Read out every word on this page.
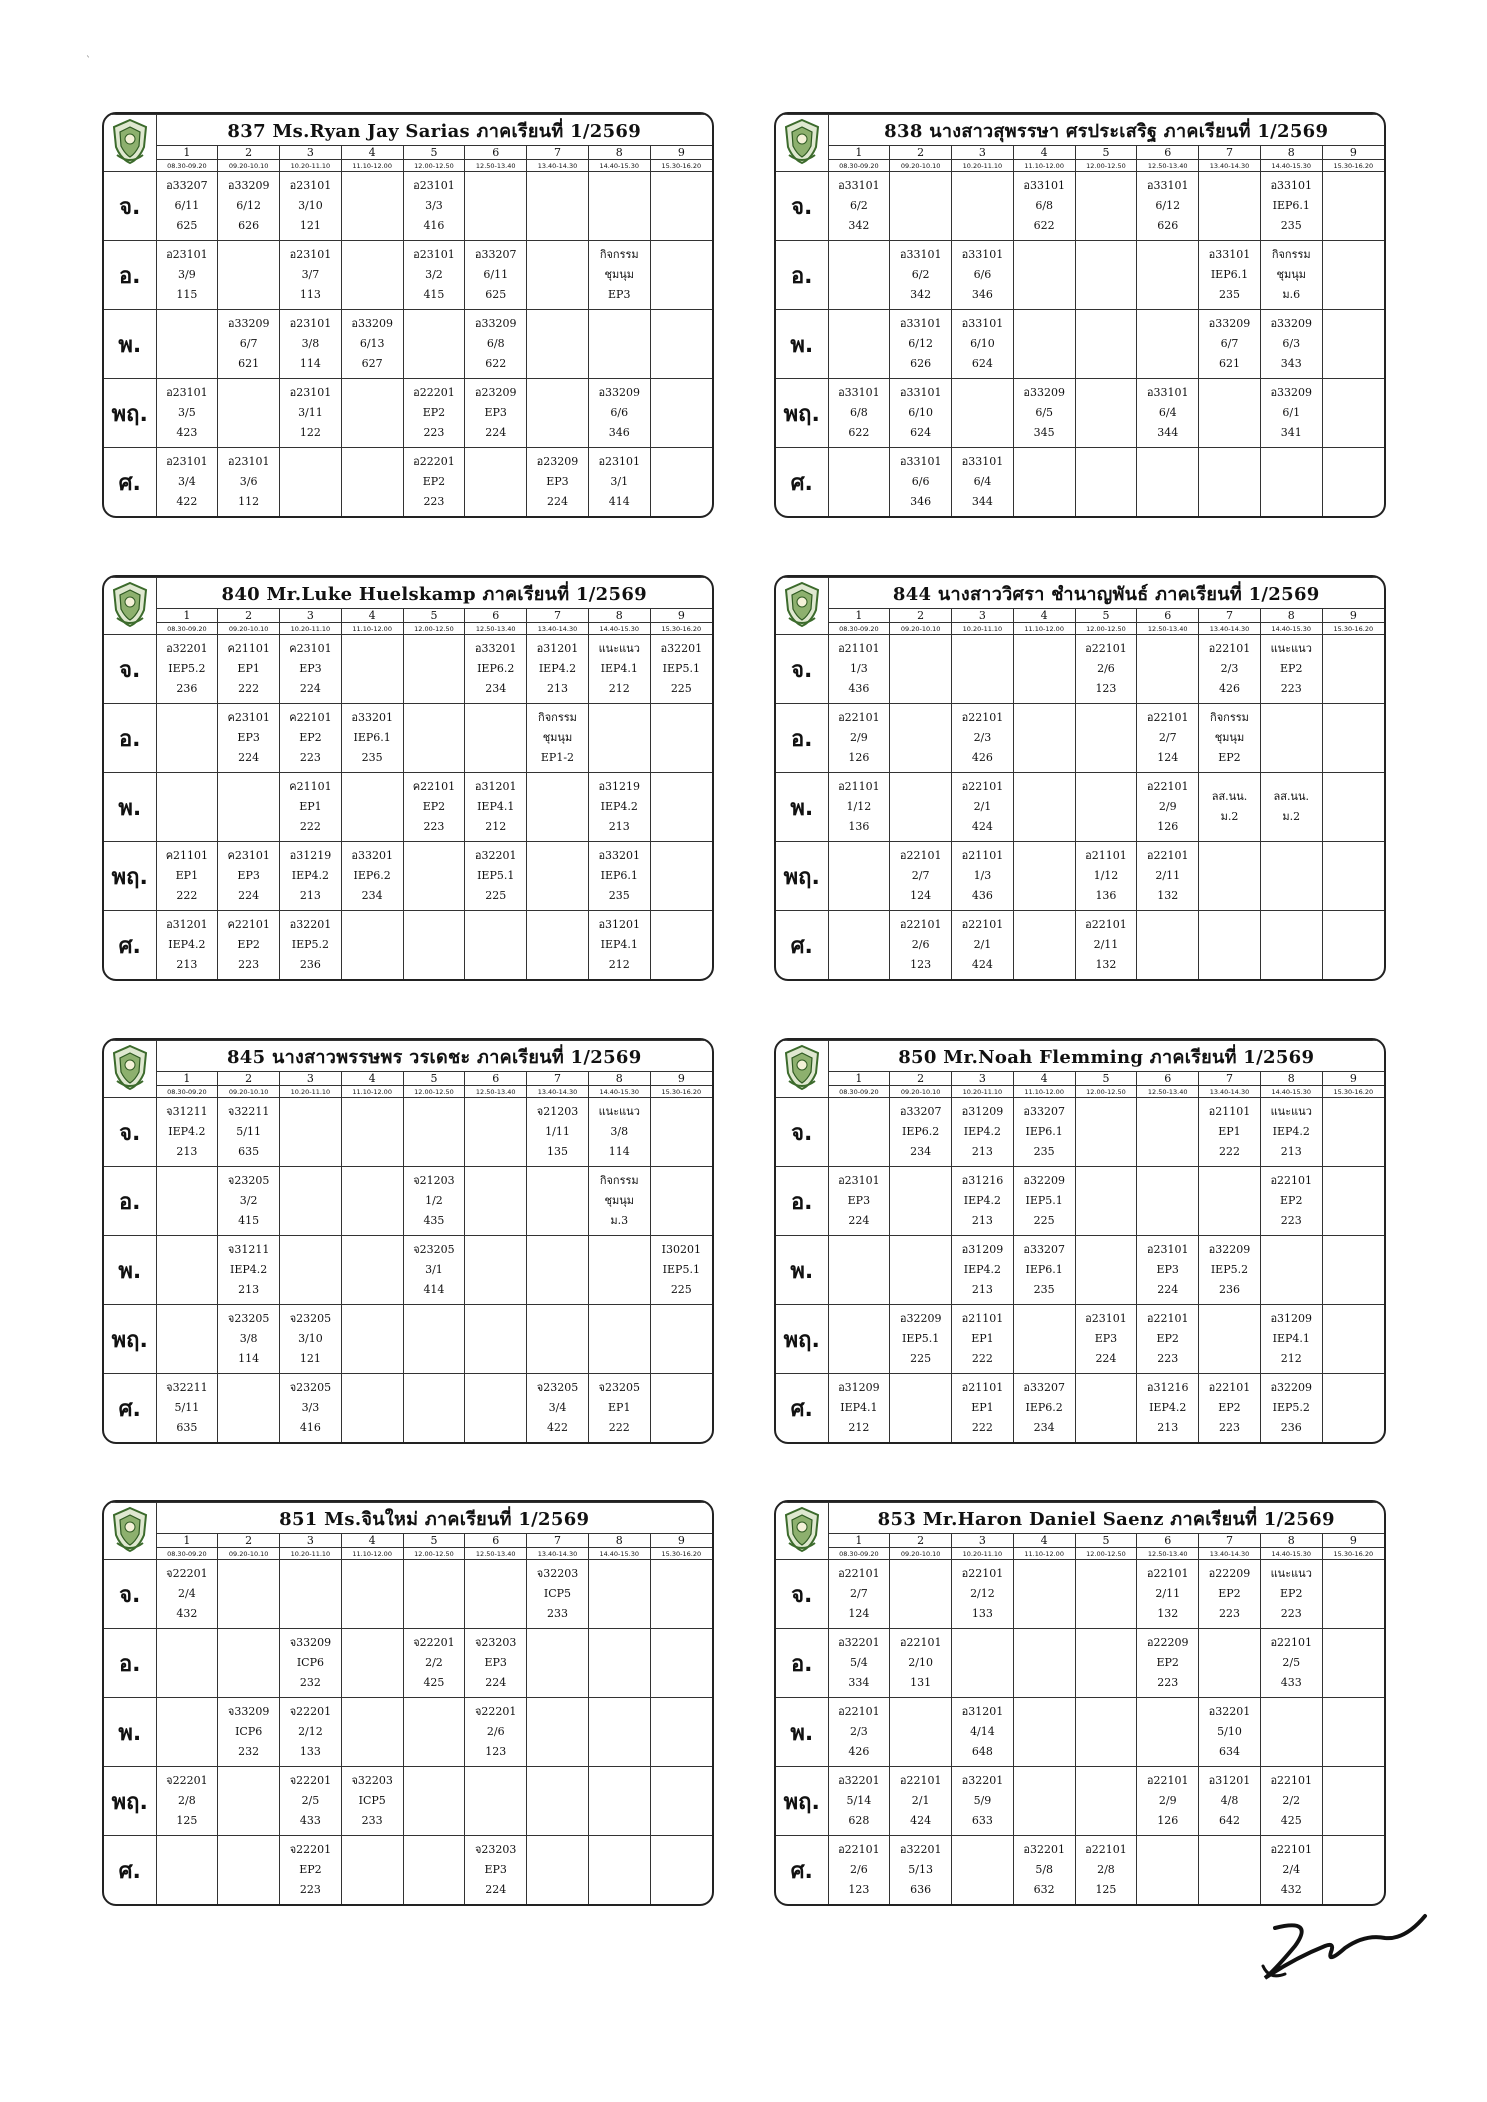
`
	837 Ms.Ryan Jay Sarias ภาคเรียนที่ 1/2569								
	1	2	3	4	5	6	7	8	9
	08.30-09.20	09.20-10.10	10.20-11.10	11.10-12.00	12.00-12.50	12.50-13.40	13.40-14.30	14.40-15.30	15.30-16.20
จ.	อ33207
6/11
625	อ33209
6/12
626	อ23101
3/10
121		อ23101
3/3
416				

อ.	อ23101
3/9
115		อ23101
3/7
113		อ23101
3/2
415	อ33207
6/11
625		กิจกรรม
ชุมนุม
EP3	

พ.		อ33209
6/7
621	อ23101
3/8
114	อ33209
6/13
627		อ33209
6/8
622			

พฤ.	อ23101
3/5
423		อ23101
3/11
122		อ22201
EP2
223	อ23209
EP3
224		อ33209
6/6
346	

ศ.	อ23101
3/4
422	อ23101
3/6
112			อ22201
EP2
223		อ23209
EP3
224	อ23101
3/1
414	

	838 นางสาวสุพรรษา ศรประเสริฐ ภาคเรียนที่ 1/2569								
	1	2	3	4	5	6	7	8	9
	08.30-09.20	09.20-10.10	10.20-11.10	11.10-12.00	12.00-12.50	12.50-13.40	13.40-14.30	14.40-15.30	15.30-16.20
จ.	อ33101
6/2
342			อ33101
6/8
622		อ33101
6/12
626		อ33101
IEP6.1
235	

อ.		อ33101
6/2
342	อ33101
6/6
346				อ33101
IEP6.1
235	กิจกรรม
ชุมนุม
ม.6	

พ.		อ33101
6/12
626	อ33101
6/10
624				อ33209
6/7
621	อ33209
6/3
343	

พฤ.	อ33101
6/8
622	อ33101
6/10
624		อ33209
6/5
345		อ33101
6/4
344		อ33209
6/1
341	

ศ.		อ33101
6/6
346	อ33101
6/4
344						

	840 Mr.Luke Huelskamp ภาคเรียนที่ 1/2569								
	1	2	3	4	5	6	7	8	9
	08.30-09.20	09.20-10.10	10.20-11.10	11.10-12.00	12.00-12.50	12.50-13.40	13.40-14.30	14.40-15.30	15.30-16.20
จ.	อ32201
IEP5.2
236	ค21101
EP1
222	ค23101
EP3
224			อ33201
IEP6.2
234	อ31201
IEP4.2
213	แนะแนว
IEP4.1
212	อ32201
IEP5.1
225

อ.		ค23101
EP3
224	ค22101
EP2
223	อ33201
IEP6.1
235			กิจกรรม
ชุมนุม
EP1-2		

พ.			ค21101
EP1
222		ค22101
EP2
223	อ31201
IEP4.1
212		อ31219
IEP4.2
213	

พฤ.	ค21101
EP1
222	ค23101
EP3
224	อ31219
IEP4.2
213	อ33201
IEP6.2
234		อ32201
IEP5.1
225		อ33201
IEP6.1
235	

ศ.	อ31201
IEP4.2
213	ค22101
EP2
223	อ32201
IEP5.2
236					อ31201
IEP4.1
212	

	844 นางสาววิศรา ชำนาญพันธ์ ภาคเรียนที่ 1/2569								
	1	2	3	4	5	6	7	8	9
	08.30-09.20	09.20-10.10	10.20-11.10	11.10-12.00	12.00-12.50	12.50-13.40	13.40-14.30	14.40-15.30	15.30-16.20
จ.	อ21101
1/3
436				อ22101
2/6
123		อ22101
2/3
426	แนะแนว
EP2
223	

อ.	อ22101
2/9
126		อ22101
2/3
426			อ22101
2/7
124	กิจกรรม
ชุมนุม
EP2		

พ.	อ21101
1/12
136		อ22101
2/1
424			อ22101
2/9
126	ลส.นน.
ม.2	ลส.นน.
ม.2	

พฤ.		อ22101
2/7
124	อ21101
1/3
436		อ21101
1/12
136	อ22101
2/11
132			

ศ.		อ22101
2/6
123	อ22101
2/1
424		อ22101
2/11
132				

	845 นางสาวพรรษพร วรเดชะ ภาคเรียนที่ 1/2569								
	1	2	3	4	5	6	7	8	9
	08.30-09.20	09.20-10.10	10.20-11.10	11.10-12.00	12.00-12.50	12.50-13.40	13.40-14.30	14.40-15.30	15.30-16.20
จ.	จ31211
IEP4.2
213	จ32211
5/11
635					จ21203
1/11
135	แนะแนว
3/8
114	

อ.		จ23205
3/2
415			จ21203
1/2
435			กิจกรรม
ชุมนุม
ม.3	

พ.		จ31211
IEP4.2
213			จ23205
3/1
414				I30201
IEP5.1
225

พฤ.		จ23205
3/8
114	จ23205
3/10
121						

ศ.	จ32211
5/11
635		จ23205
3/3
416				จ23205
3/4
422	จ23205
EP1
222	

	850 Mr.Noah Flemming ภาคเรียนที่ 1/2569								
	1	2	3	4	5	6	7	8	9
	08.30-09.20	09.20-10.10	10.20-11.10	11.10-12.00	12.00-12.50	12.50-13.40	13.40-14.30	14.40-15.30	15.30-16.20
จ.		อ33207
IEP6.2
234	อ31209
IEP4.2
213	อ33207
IEP6.1
235			อ21101
EP1
222	แนะแนว
IEP4.2
213	

อ.	อ23101
EP3
224		อ31216
IEP4.2
213	อ32209
IEP5.1
225				อ22101
EP2
223	

พ.			อ31209
IEP4.2
213	อ33207
IEP6.1
235		อ23101
EP3
224	อ32209
IEP5.2
236		

พฤ.		อ32209
IEP5.1
225	อ21101
EP1
222		อ23101
EP3
224	อ22101
EP2
223		อ31209
IEP4.1
212	

ศ.	อ31209
IEP4.1
212		อ21101
EP1
222	อ33207
IEP6.2
234		อ31216
IEP4.2
213	อ22101
EP2
223	อ32209
IEP5.2
236	

	851 Ms.จินใหม่ ภาคเรียนที่ 1/2569								
	1	2	3	4	5	6	7	8	9
	08.30-09.20	09.20-10.10	10.20-11.10	11.10-12.00	12.00-12.50	12.50-13.40	13.40-14.30	14.40-15.30	15.30-16.20
จ.	จ22201
2/4
432						จ32203
ICP5
233		

อ.			จ33209
ICP6
232		จ22201
2/2
425	จ23203
EP3
224			

พ.		จ33209
ICP6
232	จ22201
2/12
133			จ22201
2/6
123			

พฤ.	จ22201
2/8
125		จ22201
2/5
433	จ32203
ICP5
233					

ศ.			จ22201
EP2
223			จ23203
EP3
224			

	853 Mr.Haron Daniel Saenz ภาคเรียนที่ 1/2569								
	1	2	3	4	5	6	7	8	9
	08.30-09.20	09.20-10.10	10.20-11.10	11.10-12.00	12.00-12.50	12.50-13.40	13.40-14.30	14.40-15.30	15.30-16.20
จ.	อ22101
2/7
124		อ22101
2/12
133			อ22101
2/11
132	อ22209
EP2
223	แนะแนว
EP2
223	

อ.	อ32201
5/4
334	อ22101
2/10
131				อ22209
EP2
223		อ22101
2/5
433	

พ.	อ22101
2/3
426		อ31201
4/14
648				อ32201
5/10
634		

พฤ.	อ32201
5/14
628	อ22101
2/1
424	อ32201
5/9
633			อ22101
2/9
126	อ31201
4/8
642	อ22101
2/2
425	

ศ.	อ22101
2/6
123	อ32201
5/13
636		อ32201
5/8
632	อ22101
2/8
125			อ22101
2/4
432	
